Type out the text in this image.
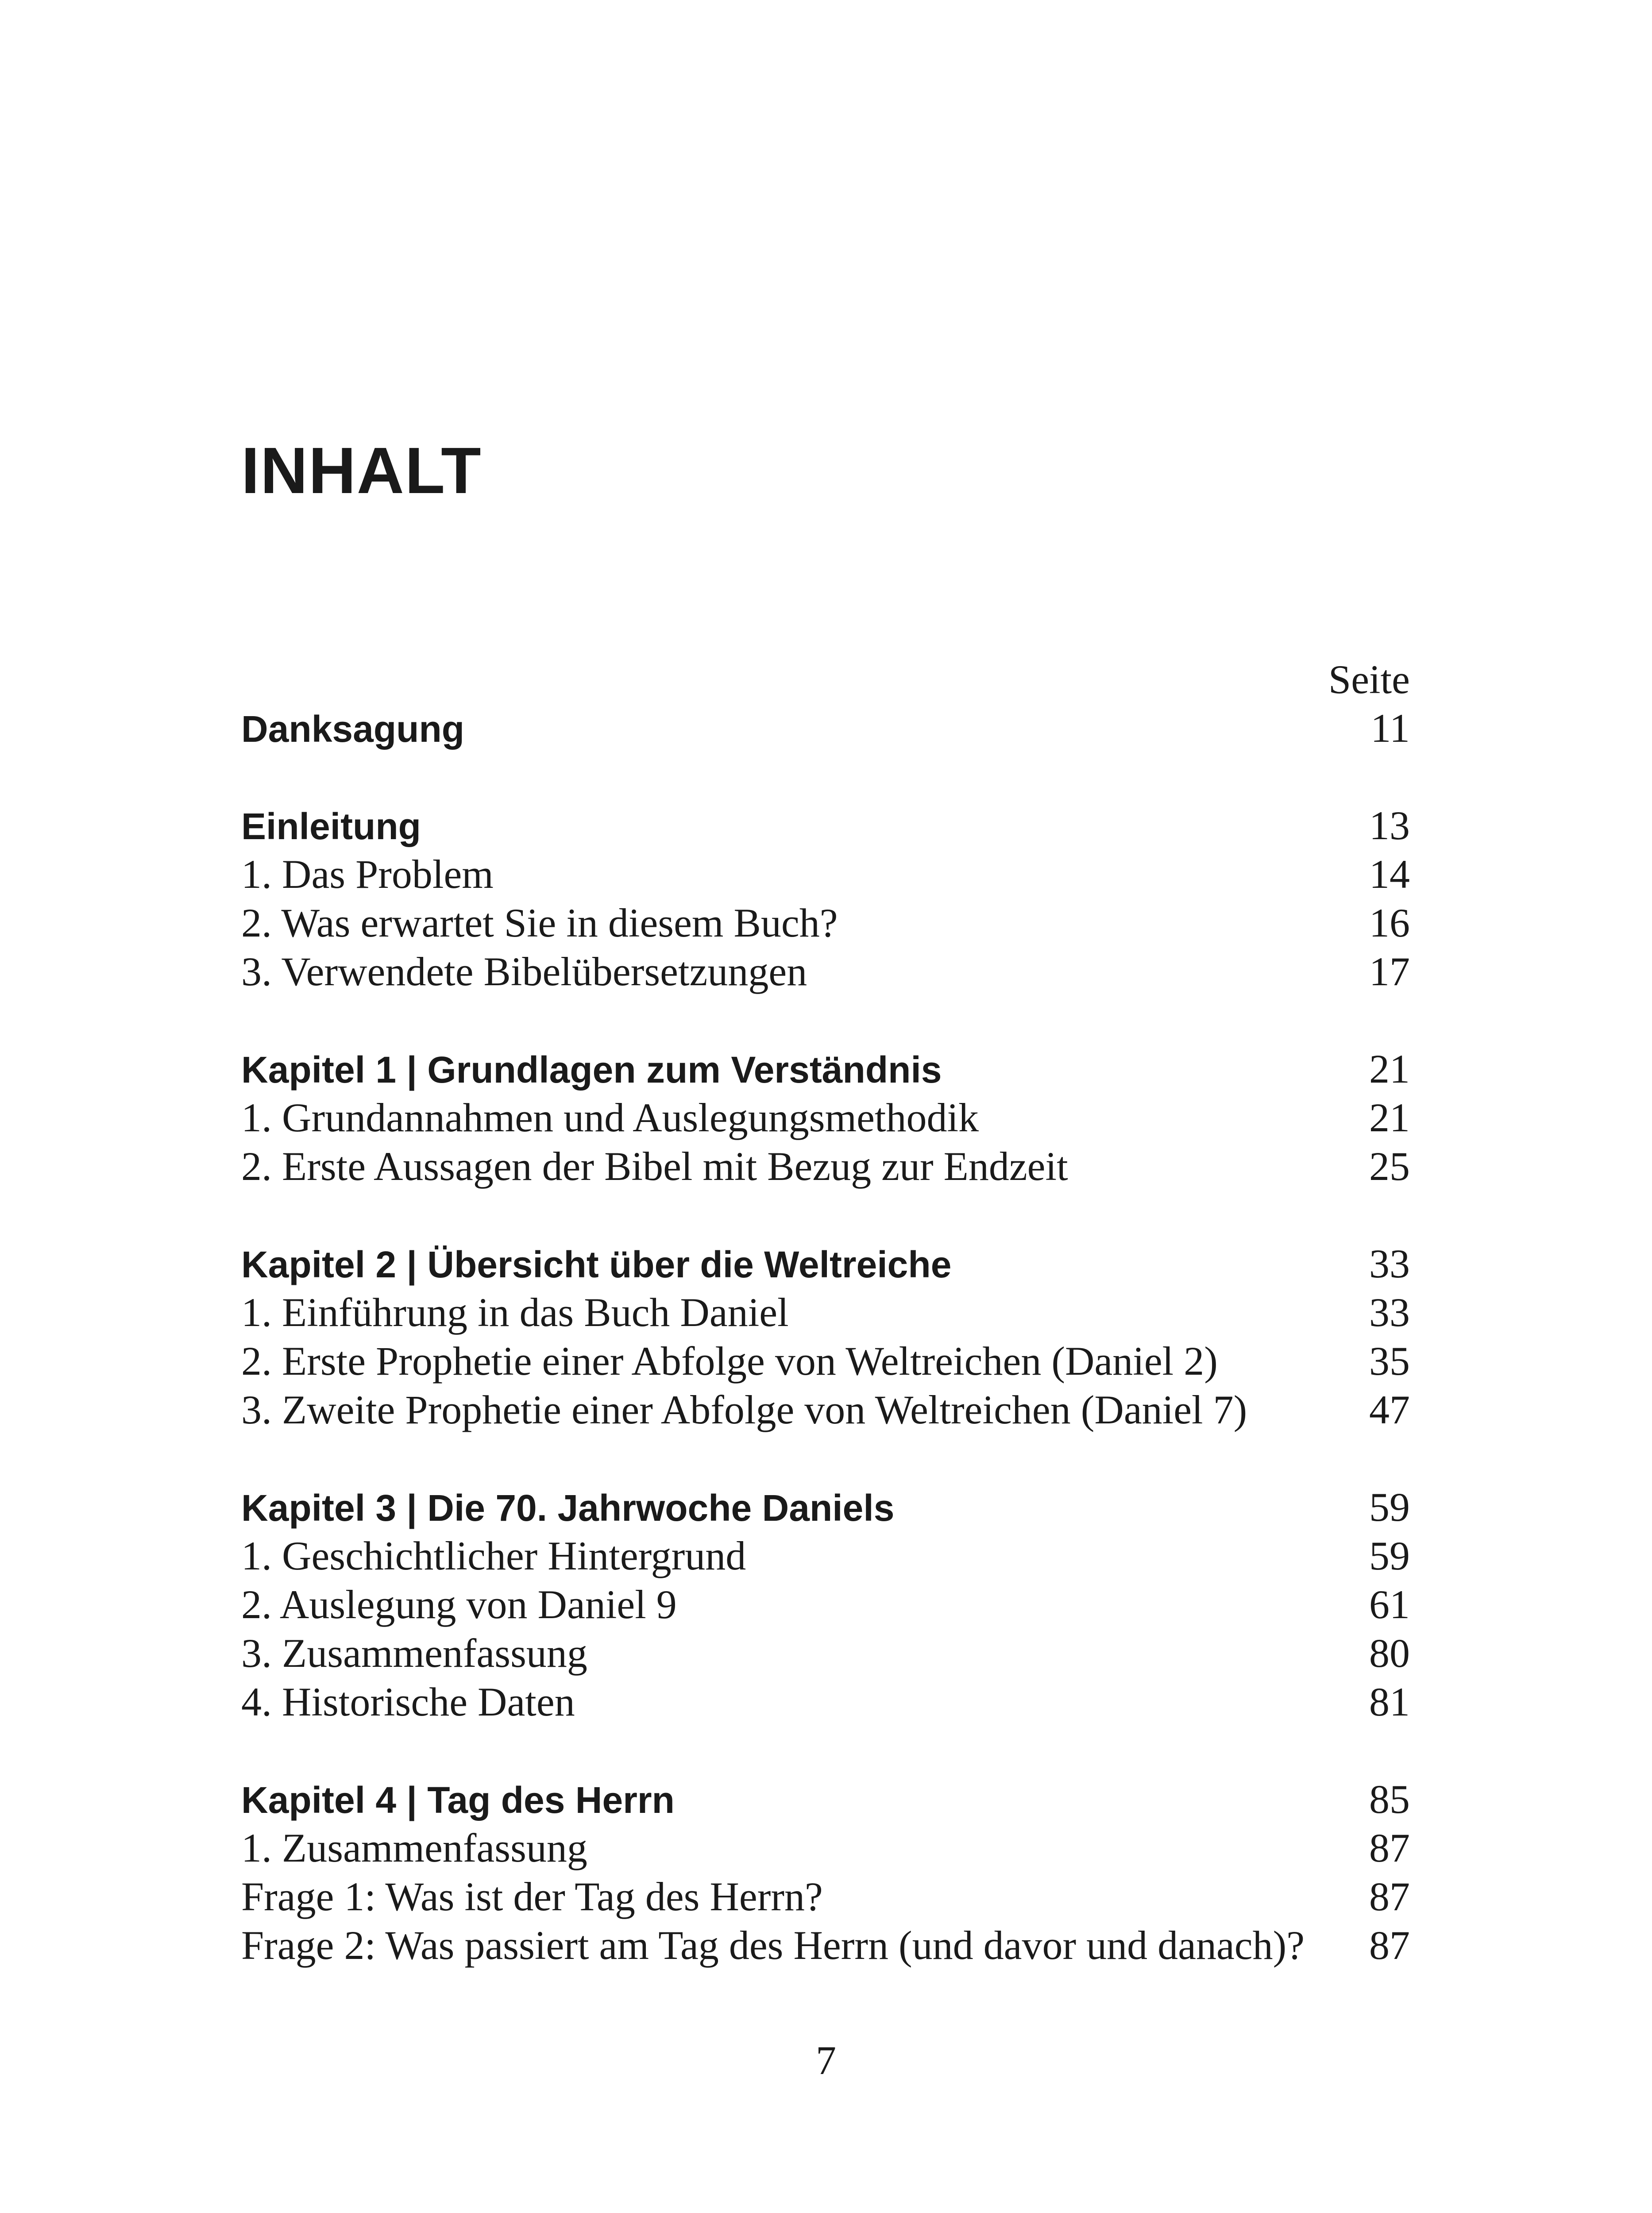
INHALT
Seite
Danksagung	11
Einleitung	13
1. Das Problem	14
2. Was erwartet Sie in diesem Buch?	16
3. Verwendete Bibelübersetzungen	17
Kapitel 1 | Grundlagen zum Verständnis	21
1. Grundannahmen und Auslegungsmethodik	21
2. Erste Aussagen der Bibel mit Bezug zur Endzeit	25
Kapitel 2 | Übersicht über die Weltreiche	33
1. Einführung in das Buch Daniel	33
2. Erste Prophetie einer Abfolge von Weltreichen (Daniel 2)	35
3. Zweite Prophetie einer Abfolge von Weltreichen (Daniel 7)	47
Kapitel 3 | Die 70. Jahrwoche Daniels	59
1. Geschichtlicher Hintergrund	59
2. Auslegung von Daniel 9	61
3. Zusammenfassung	80
4. Historische Daten	81
Kapitel 4 | Tag des Herrn	85
1. Zusammenfassung	87
Frage 1: Was ist der Tag des Herrn?	87
Frage 2: Was passiert am Tag des Herrn (und davor und danach)? 87
7
